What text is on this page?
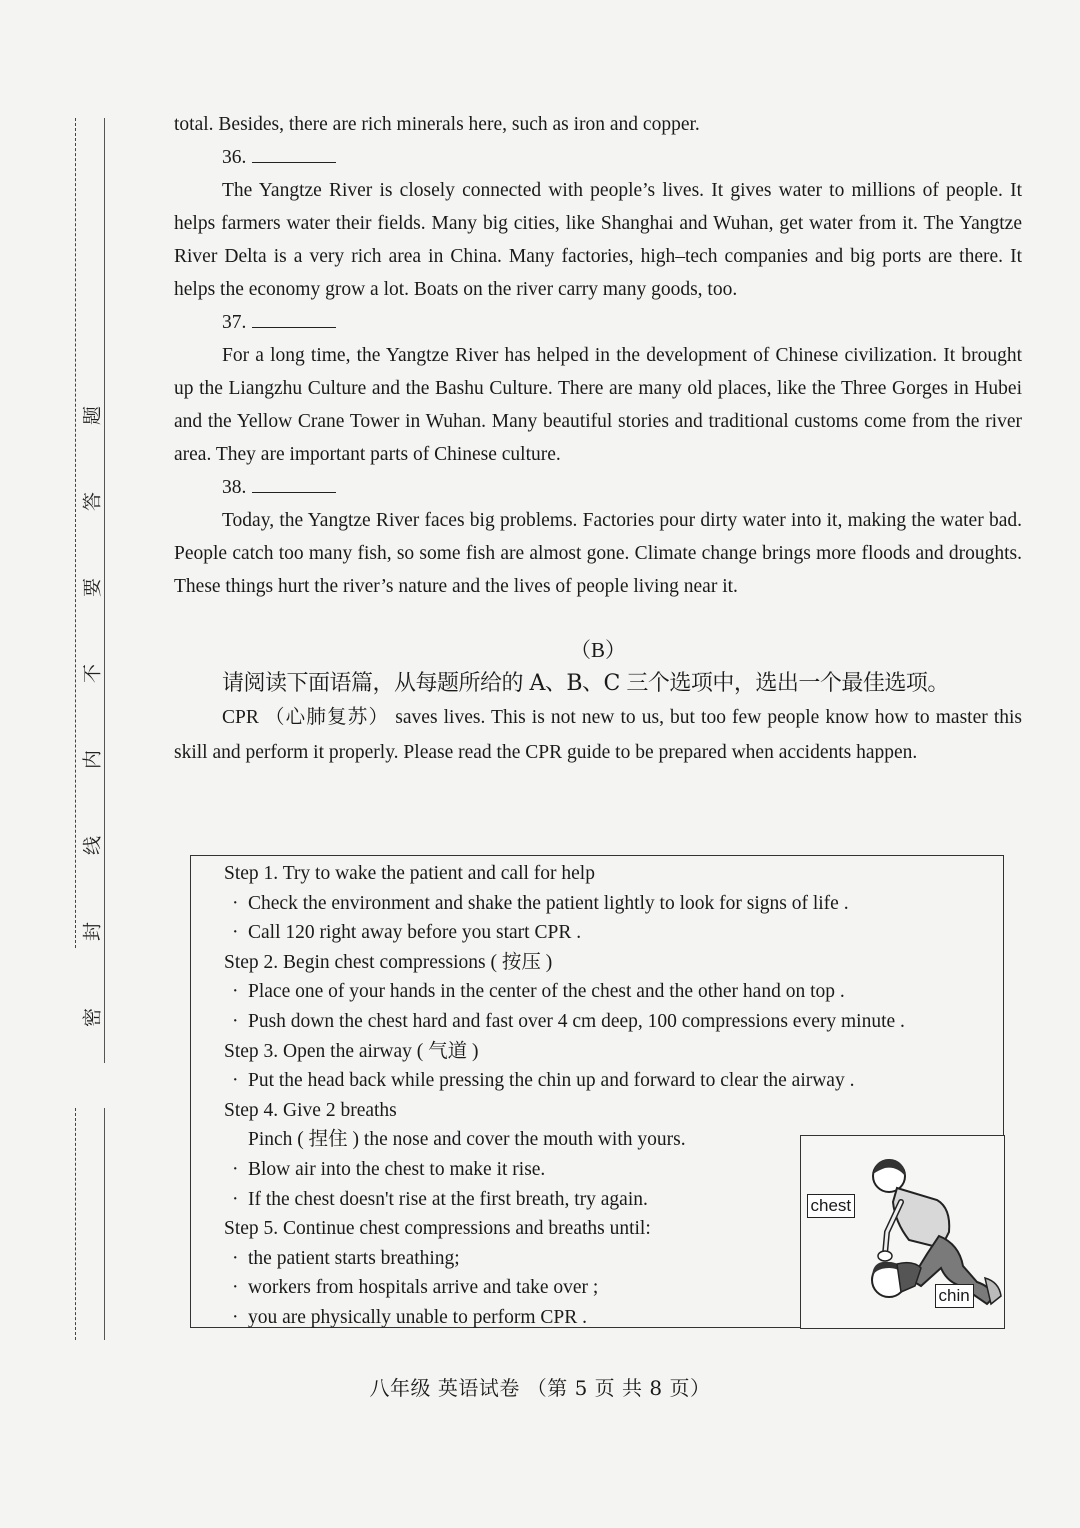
题
答
要
不
内
线
封
密

total. Besides, there are rich minerals here, such as iron and copper.

36.

The Yangtze River is closely connected with people’s lives. It gives water to millions of people. It helps farmers water their fields. Many big cities, like Shanghai and Wuhan, get water from it. The Yangtze River Delta is a very rich area in China. Many factories, high–tech companies and big ports are there. It helps the economy grow a lot. Boats on the river carry many goods, too.

37.

For a long time, the Yangtze River has helped in the development of Chinese civilization. It brought up the Liangzhu Culture and the Bashu Culture. There are many old places, like the Three Gorges in Hubei and the Yellow Crane Tower in Wuhan. Many beautiful stories and traditional customs come from the river area. They are important parts of Chinese culture.

38.

Today, the Yangtze River faces big problems. Factories pour dirty water into it, making the water bad. People catch too many fish, so some fish are almost gone. Climate change brings more floods and droughts. These things hurt the river’s nature and the lives of people living near it.

（B）
请阅读下面语篇，从每题所给的 A、B、C 三个选项中，选出一个最佳选项。

CPR （心肺复苏） saves lives. This is not new to us, but too few people know how to master this skill and perform it properly. Please read the CPR guide to be prepared when accidents happen.

Step 1. Try to wake the patient and call for help
· Check the environment and shake the patient lightly to look for signs of life .
· Call 120 right away before you start CPR .
Step 2. Begin chest compressions ( 按压 )
· Place one of your hands in the center of the chest and the other hand on top .
· Push down the chest hard and fast over 4 cm deep, 100 compressions every minute .
Step 3. Open the airway ( 气道 )
· Put the head back while pressing the chin up and forward to clear the airway .
Step 4. Give 2 breaths
Pinch ( 捏住 ) the nose and cover the mouth with yours.
· Blow air into the chest to make it rise.
· If the chest doesn't rise at the first breath, try again.
Step 5. Continue chest compressions and breaths until:
· the patient starts breathing;
· workers from hospitals arrive and take over ;
· you are physically unable to perform CPR .
chest
chin
八年级 英语试卷 （第 5 页 共 8 页）
